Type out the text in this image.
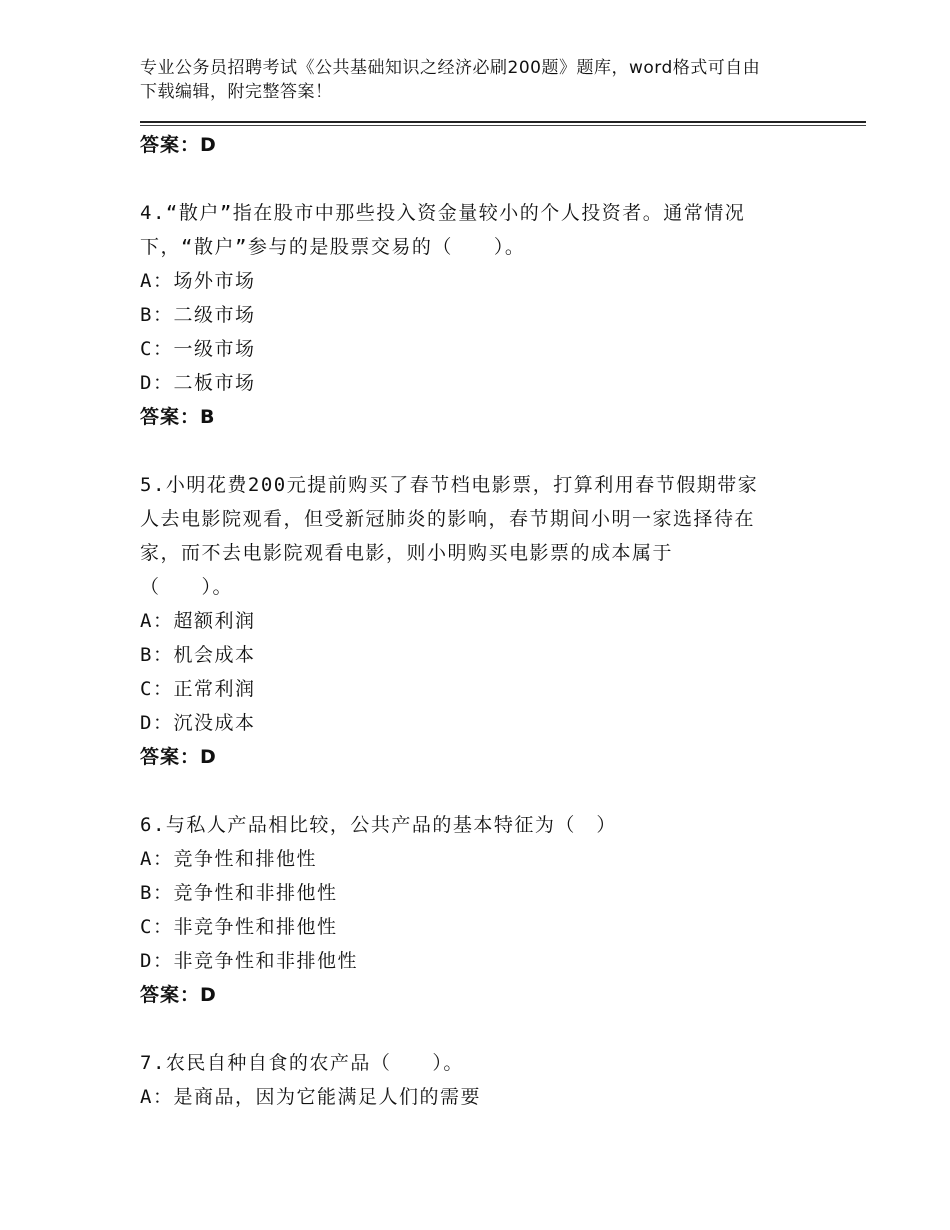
专业公务员招聘考试《公共基础知识之经济必刷200题》题库，word格式可自由
下载编辑，附完整答案！
答案：D
4.“散户”指在股市中那些投入资金量较小的个人投资者。通常情况
下，“散户”参与的是股票交易的（　　）。
A：场外市场
B：二级市场
C：一级市场
D：二板市场
答案：B
5.小明花费200元提前购买了春节档电影票，打算利用春节假期带家
人去电影院观看，但受新冠肺炎的影响，春节期间小明一家选择待在
家，而不去电影院观看电影，则小明购买电影票的成本属于
（　　）。
A：超额利润
B：机会成本
C：正常利润
D：沉没成本
答案：D
6.与私人产品相比较，公共产品的基本特征为（　）
A：竞争性和排他性
B：竞争性和非排他性
C：非竞争性和排他性
D：非竞争性和非排他性
答案：D
7.农民自种自食的农产品（　　）。
A：是商品，因为它能满足人们的需要
